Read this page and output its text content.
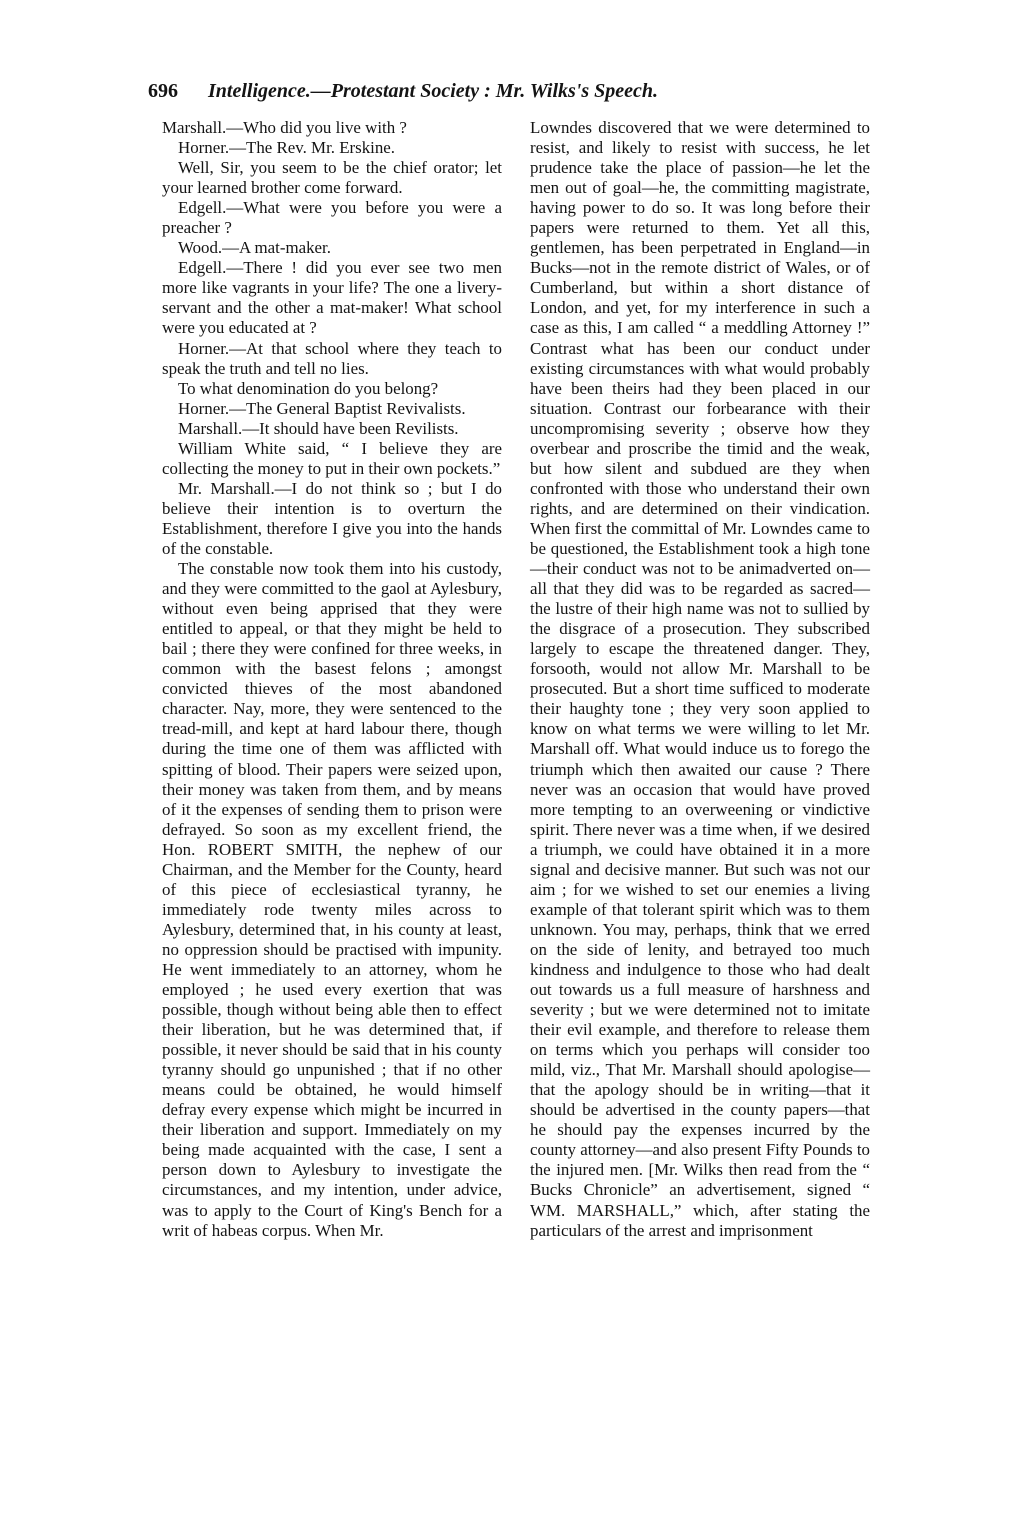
696 Intelligence.—Protestant Society : Mr. Wilks's Speech.

Marshall.—Who did you live with ?

Horner.—The Rev. Mr. Erskine.

Well, Sir, you seem to be the chief orator; let your learned brother come forward.

Edgell.—What were you before you were a preacher ?

Wood.—A mat-maker.

Edgell.—There ! did you ever see two men more like vagrants in your life? The one a livery-servant and the other a mat-maker! What school were you educated at ?

Horner.—At that school where they teach to speak the truth and tell no lies.

To what denomination do you belong?

Horner.—The General Baptist Revivalists.

Marshall.—It should have been Revilists.

William White said, “ I believe they are collecting the money to put in their own pockets.”

Mr. Marshall.—I do not think so ; but I do believe their intention is to overturn the Establishment, therefore I give you into the hands of the constable.

The constable now took them into his custody, and they were committed to the gaol at Aylesbury, without even being apprised that they were entitled to appeal, or that they might be held to bail ; there they were confined for three weeks, in common with the basest felons ; amongst convicted thieves of the most abandoned character. Nay, more, they were sentenced to the tread-mill, and kept at hard labour there, though during the time one of them was afflicted with spitting of blood. Their papers were seized upon, their money was taken from them, and by means of it the expenses of sending them to prison were defrayed. So soon as my excellent friend, the Hon. ROBERT SMITH, the nephew of our Chairman, and the Member for the County, heard of this piece of ecclesiastical tyranny, he immediately rode twenty miles across to Aylesbury, determined that, in his county at least, no oppression should be practised with impunity. He went immediately to an attorney, whom he employed ; he used every exertion that was possible, though without being able then to effect their liberation, but he was determined that, if possible, it never should be said that in his county tyranny should go unpunished ; that if no other means could be obtained, he would himself defray every expense which might be incurred in their liberation and support. Immediately on my being made acquainted with the case, I sent a person down to Aylesbury to investigate the circumstances, and my intention, under advice, was to apply to the Court of King's Bench for a writ of habeas corpus. When Mr.

Lowndes discovered that we were determined to resist, and likely to resist with success, he let prudence take the place of passion—he let the men out of goal—he, the committing magistrate, having power to do so. It was long before their papers were returned to them. Yet all this, gentlemen, has been perpetrated in England—in Bucks—not in the remote district of Wales, or of Cumberland, but within a short distance of London, and yet, for my interference in such a case as this, I am called “ a meddling Attorney !” Contrast what has been our conduct under existing circumstances with what would probably have been theirs had they been placed in our situation. Contrast our forbearance with their uncompromising severity ; observe how they overbear and proscribe the timid and the weak, but how silent and subdued are they when confronted with those who understand their own rights, and are determined on their vindication. When first the committal of Mr. Lowndes came to be questioned, the Establishment took a high tone—their conduct was not to be animadverted on—all that they did was to be regarded as sacred—the lustre of their high name was not to sullied by the disgrace of a prosecution. They subscribed largely to escape the threatened danger. They, forsooth, would not allow Mr. Marshall to be prosecuted. But a short time sufficed to moderate their haughty tone ; they very soon applied to know on what terms we were willing to let Mr. Marshall off. What would induce us to forego the triumph which then awaited our cause ? There never was an occasion that would have proved more tempting to an overweening or vindictive spirit. There never was a time when, if we desired a triumph, we could have obtained it in a more signal and decisive manner. But such was not our aim ; for we wished to set our enemies a living example of that tolerant spirit which was to them unknown. You may, perhaps, think that we erred on the side of lenity, and betrayed too much kindness and indulgence to those who had dealt out towards us a full measure of harshness and severity ; but we were determined not to imitate their evil example, and therefore to release them on terms which you perhaps will consider too mild, viz., That Mr. Marshall should apologise—that the apology should be in writing—that it should be advertised in the county papers—that he should pay the expenses incurred by the county attorney—and also present Fifty Pounds to the injured men. [Mr. Wilks then read from the “ Bucks Chronicle” an advertisement, signed “ WM. MARSHALL,” which, after stating the particulars of the arrest and imprisonment
